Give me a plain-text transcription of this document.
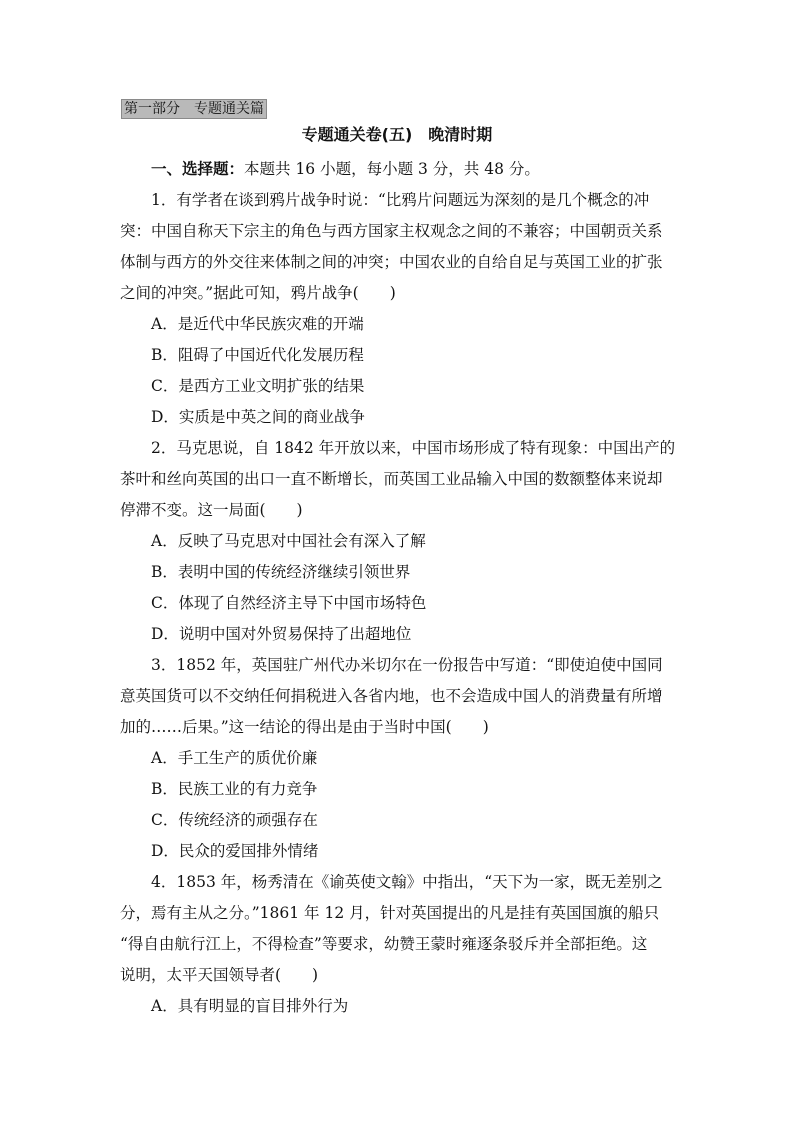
第一部分　专题通关篇
专题通关卷(五)　晚清时期
一、选择题：本题共 16 小题，每小题 3 分，共 48 分。
1．有学者在谈到鸦片战争时说：“比鸦片问题远为深刻的是几个概念的冲
突：中国自称天下宗主的角色与西方国家主权观念之间的不兼容；中国朝贡关系
体制与西方的外交往来体制之间的冲突；中国农业的自给自足与英国工业的扩张
之间的冲突。”据此可知，鸦片战争(　　)
A．是近代中华民族灾难的开端
B．阻碍了中国近代化发展历程
C．是西方工业文明扩张的结果
D．实质是中英之间的商业战争
2．马克思说，自 1842 年开放以来，中国市场形成了特有现象：中国出产的
茶叶和丝向英国的出口一直不断增长，而英国工业品输入中国的数额整体来说却
停滞不变。这一局面(　　)
A．反映了马克思对中国社会有深入了解
B．表明中国的传统经济继续引领世界
C．体现了自然经济主导下中国市场特色
D．说明中国对外贸易保持了出超地位
3．1852 年，英国驻广州代办米切尔在一份报告中写道：“即使迫使中国同
意英国货可以不交纳任何捐税进入各省内地，也不会造成中国人的消费量有所增
加的……后果。”这一结论的得出是由于当时中国(　　)
A．手工生产的质优价廉
B．民族工业的有力竞争
C．传统经济的顽强存在
D．民众的爱国排外情绪
4．1853 年，杨秀清在《谕英使文翰》中指出，“天下为一家，既无差别之
分，焉有主从之分。”1861 年 12 月，针对英国提出的凡是挂有英国国旗的船只
“得自由航行江上，不得检查”等要求，幼赞王蒙时雍逐条驳斥并全部拒绝。这
说明，太平天国领导者(　　)
A．具有明显的盲目排外行为
